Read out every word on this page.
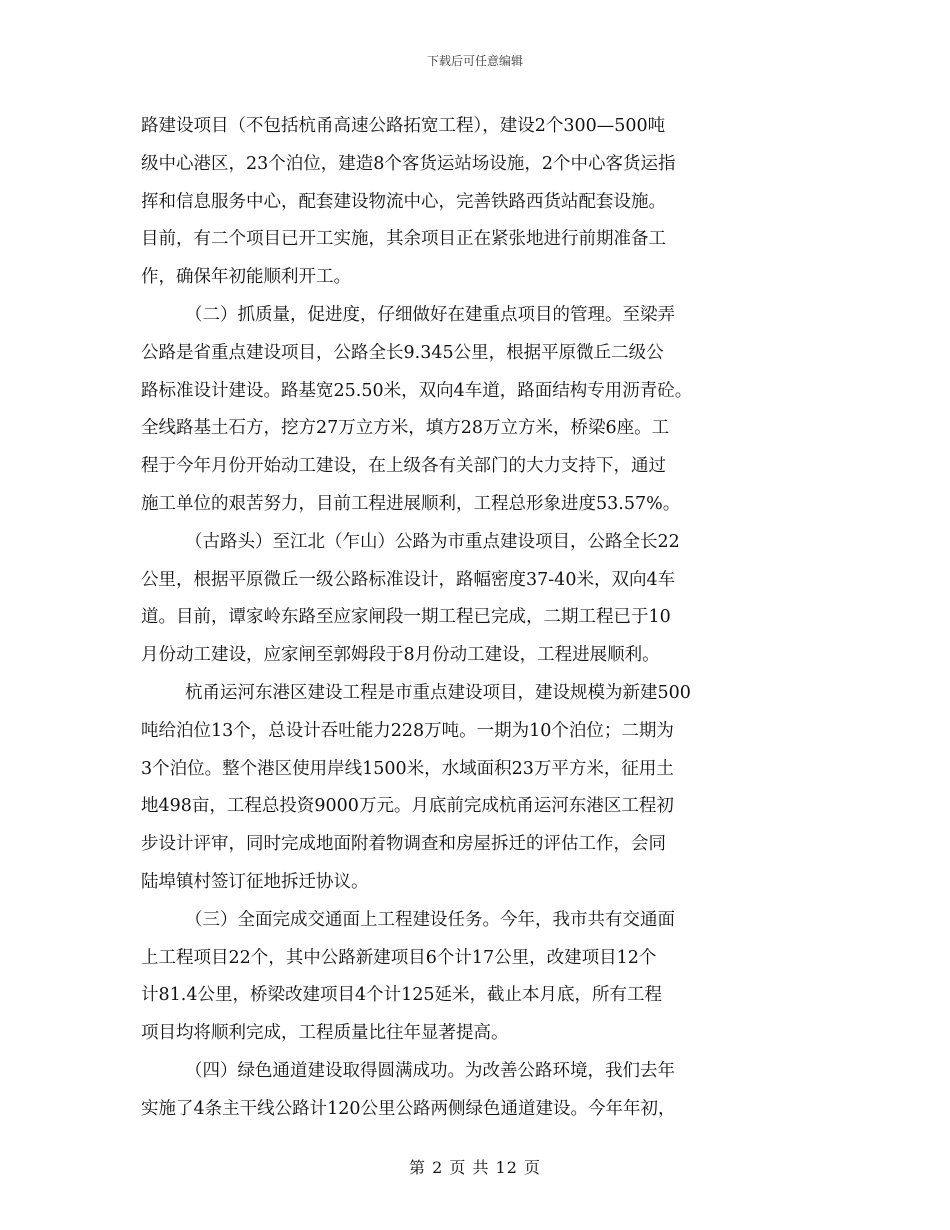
下载后可任意编辑
路建设项目（不包括杭甬高速公路拓宽工程），建设2个300—500吨
级中心港区，23个泊位，建造8个客货运站场设施，2个中心客货运指
挥和信息服务中心，配套建设物流中心，完善铁路西货站配套设施。
目前，有二个项目已开工实施，其余项目正在紧张地进行前期准备工
作，确保年初能顺利开工。
（二）抓质量，促进度，仔细做好在建重点项目的管理。至梁弄
公路是省重点建设项目，公路全长9.345公里，根据平原微丘二级公
路标准设计建设。路基宽25.50米，双向4车道，路面结构专用沥青砼。
全线路基土石方，挖方27万立方米，填方28万立方米，桥梁6座。工
程于今年月份开始动工建设，在上级各有关部门的大力支持下，通过
施工单位的艰苦努力，目前工程进展顺利，工程总形象进度53.57%。
（古路头）至江北（乍山）公路为市重点建设项目，公路全长22
公里，根据平原微丘一级公路标准设计，路幅密度37-40米，双向4车
道。目前，谭家岭东路至应家闸段一期工程已完成，二期工程已于10
月份动工建设，应家闸至郭姆段于8月份动工建设，工程进展顺利。
杭甬运河东港区建设工程是市重点建设项目，建设规模为新建500
吨给泊位13个，总设计吞吐能力228万吨。一期为10个泊位；二期为
3个泊位。整个港区使用岸线1500米，水域面积23万平方米，征用土
地498亩，工程总投资9000万元。月底前完成杭甬运河东港区工程初
步设计评审，同时完成地面附着物调查和房屋拆迁的评估工作，会同
陆埠镇村签订征地拆迁协议。
（三）全面完成交通面上工程建设任务。今年，我市共有交通面
上工程项目22个，其中公路新建项目6个计17公里，改建项目12个
计81.4公里，桥梁改建项目4个计125延米，截止本月底，所有工程
项目均将顺利完成，工程质量比往年显著提高。
（四）绿色通道建设取得圆满成功。为改善公路环境，我们去年
实施了4条主干线公路计120公里公路两侧绿色通道建设。今年年初，
第 2 页 共 12 页
